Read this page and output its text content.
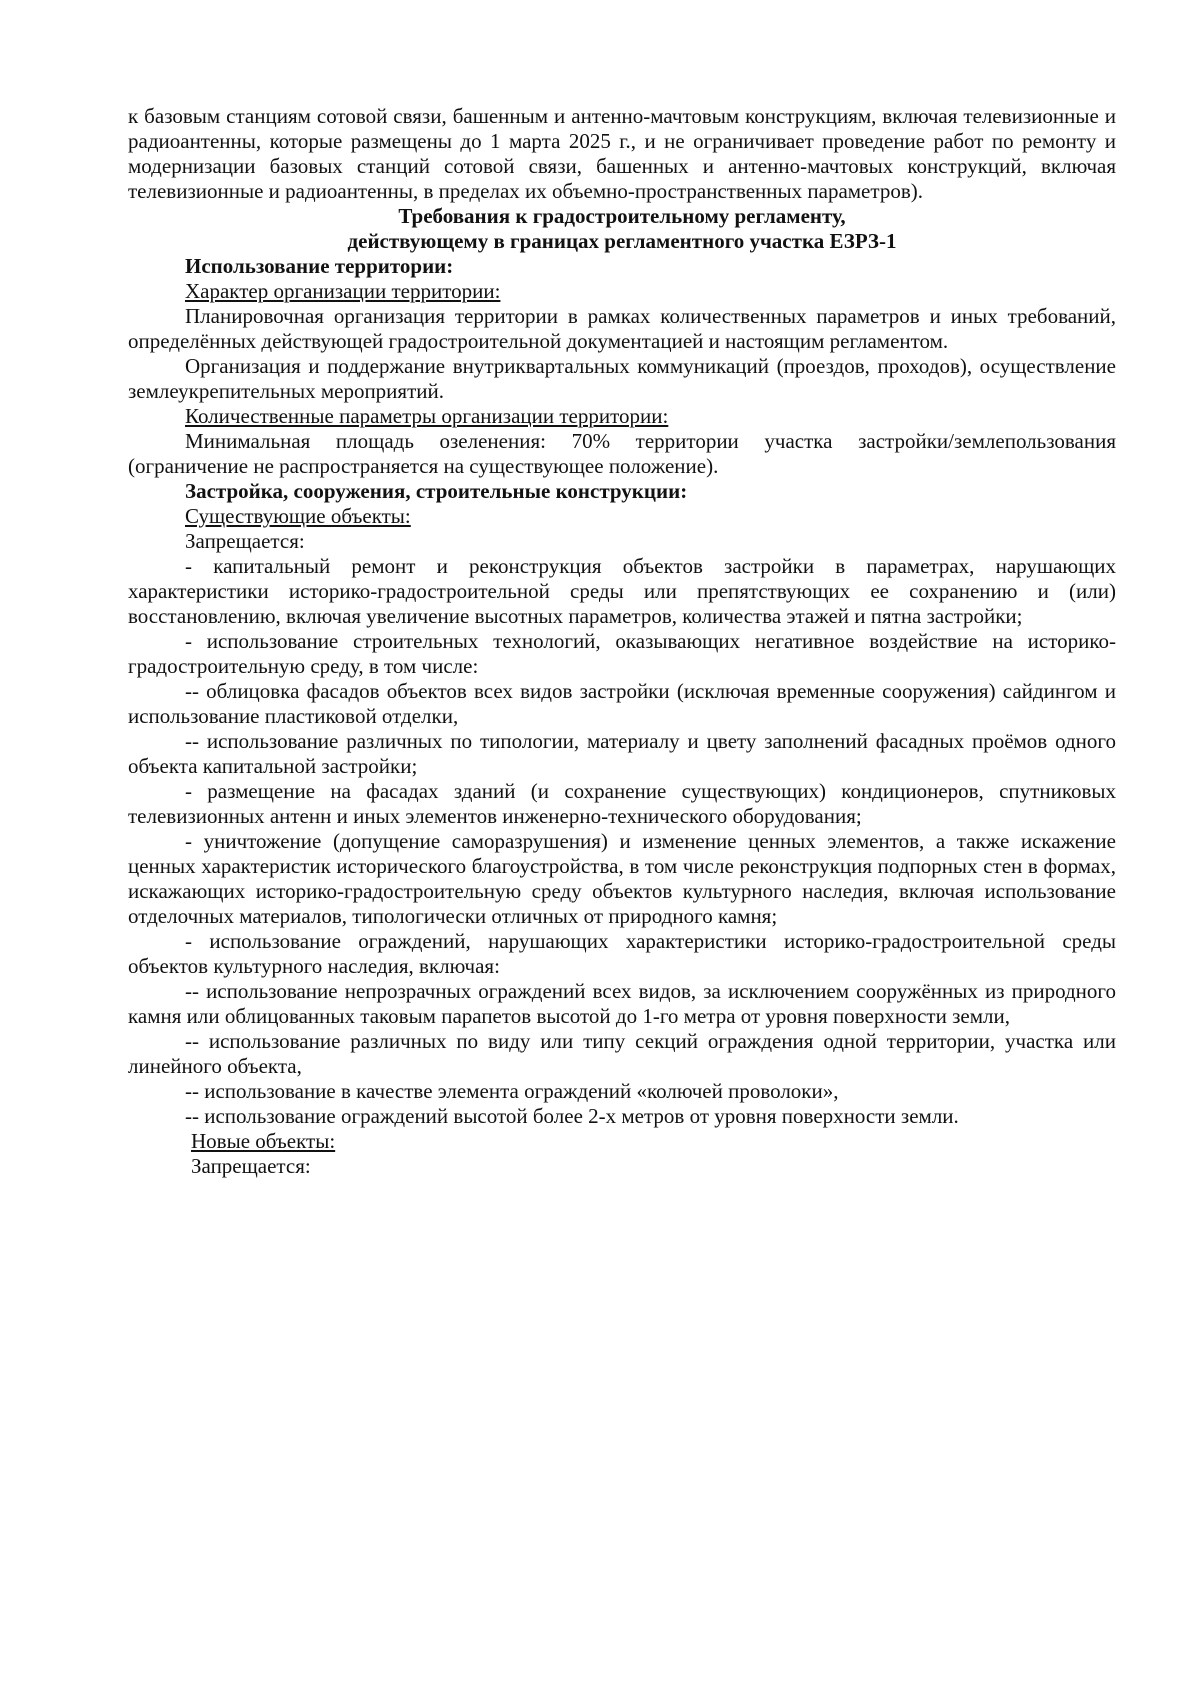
к базовым станциям сотовой связи, башенным и антенно-мачтовым конструкциям, включая телевизионные и радиоантенны, которые размещены до 1 марта 2025 г., и не ограничивает проведение работ по ремонту и модернизации базовых станций сотовой связи, башенных и антенно-мачтовых конструкций, включая телевизионные и радиоантенны, в пределах их объемно-пространственных параметров).

Требования к градостроительному регламенту,

действующему в границах регламентного участка ЕЗРЗ-1

Использование территории:

Характер организации территории:

Планировочная организация территории в рамках количественных параметров и иных требований, определённых действующей градостроительной документацией и настоящим регламентом.

Организация и поддержание внутриквартальных коммуникаций (проездов, проходов), осуществление землеукрепительных мероприятий.

Количественные параметры организации территории:

Минимальная площадь озеленения: 70% территории участка застройки/землепользования (ограничение не распространяется на существующее положение).

Застройка, сооружения, строительные конструкции:

Существующие объекты:

Запрещается:

- капитальный ремонт и реконструкция объектов застройки в параметрах, нарушающих характеристики историко-градостроительной среды или препятствующих ее сохранению и (или) восстановлению, включая увеличение высотных параметров, количества этажей и пятна застройки;

- использование строительных технологий, оказывающих негативное воздействие на историко-градостроительную среду, в том числе:

-- облицовка фасадов объектов всех видов застройки (исключая временные сооружения) сайдингом и использование пластиковой отделки,

-- использование различных по типологии, материалу и цвету заполнений фасадных проёмов одного объекта капитальной застройки;

- размещение на фасадах зданий (и сохранение существующих) кондиционеров, спутниковых телевизионных антенн и иных элементов инженерно-технического оборудования;

- уничтожение (допущение саморазрушения) и изменение ценных элементов, а также искажение ценных характеристик исторического благоустройства, в том числе реконструкция подпорных стен в формах, искажающих историко-градостроительную среду объектов культурного наследия, включая использование отделочных материалов, типологически отличных от природного камня;

- использование ограждений, нарушающих характеристики историко-градостроительной среды объектов культурного наследия, включая:

-- использование непрозрачных ограждений всех видов, за исключением сооружённых из природного камня или облицованных таковым парапетов высотой до 1-го метра от уровня поверхности земли,

-- использование различных по виду или типу секций ограждения одной территории, участка или линейного объекта,

-- использование в качестве элемента ограждений «колючей проволоки»,

-- использование ограждений высотой более 2-х метров от уровня поверхности земли.

Новые объекты:

Запрещается:
